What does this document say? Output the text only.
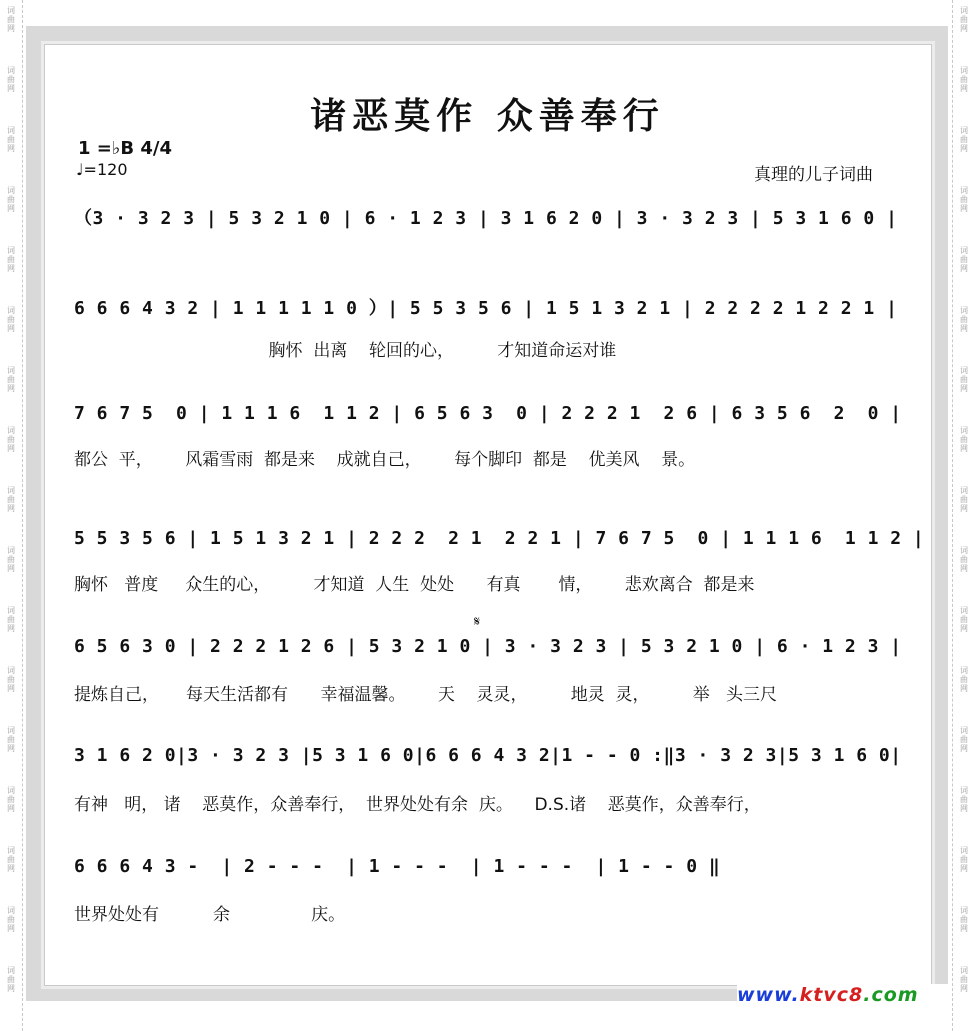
词
曲
网
词
曲
网
词
曲
网
词
曲
网
词
曲
网
词
曲
网
词
曲
网
词
曲
网
词
曲
网
词
曲
网
词
曲
网
词
曲
网
词
曲
网
词
曲
网
词
曲
网
词
曲
网
词
曲
网
词
曲
网
词
曲
网
词
曲
网
词
曲
网
词
曲
网
词
曲
网
词
曲
网
词
曲
网
词
曲
网
词
曲
网
词
曲
网
词
曲
网
词
曲
网
词
曲
网
词
曲
网
词
曲
网
词
曲
网
诸恶莫作 众善奉行
1 =♭B 4/4
♩=120	真理的儿子词曲
（3 · 3 2 3 | 5 3 2 1 0 | 6 · 1 2 3 | 3 1 6 2 0 | 3 · 3 2 3 | 5 3 1 6 0 |
6 6 6 4 3 2 | 1 1 1 1 1 0 ）| 5 5 3 5 6 | 1 5 1 3 2 1 | 2 2 2 2 1 2 2 1 |
胸怀  出离    轮回的心，        才知道命运对谁
7 6 7 5  0 | 1 1 1 6  1 1 2 | 6 5 6 3  0 | 2 2 2 1  2 6 | 6 3 5 6  2  0 |
都公  平，      风霜雪雨  都是来    成就自己，      每个脚印  都是    优美风    景。
5 5 3 5 6 | 1 5 1 3 2 1 | 2 2 2  2 1  2 2 1 | 7 6 7 5  0 | 1 1 1 6  1 1 2 |
胸怀   普度     众生的心，        才知道  人生  处处      有真       情，      悲欢离合  都是来
𝄋
6 5 6 3 0 | 2 2 2 1 2 6 | 5 3 2 1 0 | 3 · 3 2 3 | 5 3 2 1 0 | 6 · 1 2 3 |
提炼自己，     每天生活都有      幸福温馨。      天    灵灵，        地灵  灵，        举   头三尺
3 1 6 2 0|3 · 3 2 3 |5 3 1 6 0|6 6 6 4 3 2|1 - - 0 :‖3 · 3 2 3|5 3 1 6 0|
有神   明， 诸    恶莫作，众善奉行，  世界处处有余  庆。    D.S.诸    恶莫作，众善奉行，
6 6 6 4 3 -  | 2 - - -  | 1 - - -  | 1 - - -  | 1 - - 0 ‖
世界处处有          余               庆。
www.ktvc8.com
